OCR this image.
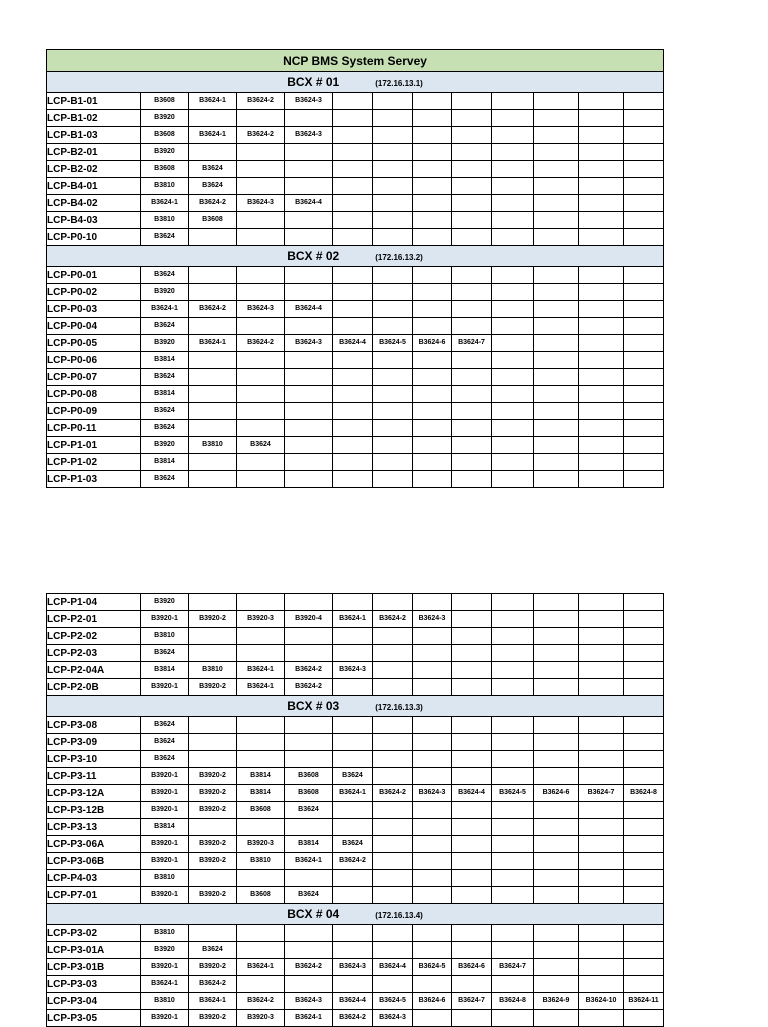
NCP BMS System Servey												
BCX # 01 (172.16.13.1)												
LCP-B1-01	B3608	B3624-1	B3624-2	B3624-3								
LCP-B1-02	B3920											
LCP-B1-03	B3608	B3624-1	B3624-2	B3624-3								
LCP-B2-01	B3920											
LCP-B2-02	B3608	B3624										
LCP-B4-01	B3810	B3624										
LCP-B4-02	B3624-1	B3624-2	B3624-3	B3624-4								
LCP-B4-03	B3810	B3608										
LCP-P0-10	B3624											
BCX # 02 (172.16.13.2)												
LCP-P0-01	B3624											
LCP-P0-02	B3920											
LCP-P0-03	B3624-1	B3624-2	B3624-3	B3624-4								
LCP-P0-04	B3624											
LCP-P0-05	B3920	B3624-1	B3624-2	B3624-3	B3624-4	B3624-5	B3624-6	B3624-7				
LCP-P0-06	B3814											
LCP-P0-07	B3624											
LCP-P0-08	B3814											
LCP-P0-09	B3624											
LCP-P0-11	B3624											
LCP-P1-01	B3920	B3810	B3624									
LCP-P1-02	B3814											
LCP-P1-03	B3624											
LCP-P1-04	B3920											
LCP-P2-01	B3920-1	B3920-2	B3920-3	B3920-4	B3624-1	B3624-2	B3624-3					
LCP-P2-02	B3810											
LCP-P2-03	B3624											
LCP-P2-04A	B3814	B3810	B3624-1	B3624-2	B3624-3							
LCP-P2-0B	B3920-1	B3920-2	B3624-1	B3624-2								
BCX # 03 (172.16.13.3)												
LCP-P3-08	B3624											
LCP-P3-09	B3624											
LCP-P3-10	B3624											
LCP-P3-11	B3920-1	B3920-2	B3814	B3608	B3624							
LCP-P3-12A	B3920-1	B3920-2	B3814	B3608	B3624-1	B3624-2	B3624-3	B3624-4	B3624-5	B3624-6	B3624-7	B3624-8
LCP-P3-12B	B3920-1	B3920-2	B3608	B3624								
LCP-P3-13	B3814											
LCP-P3-06A	B3920-1	B3920-2	B3920-3	B3814	B3624							
LCP-P3-06B	B3920-1	B3920-2	B3810	B3624-1	B3624-2							
LCP-P4-03	B3810											
LCP-P7-01	B3920-1	B3920-2	B3608	B3624								
BCX # 04 (172.16.13.4)												
LCP-P3-02	B3810											
LCP-P3-01A	B3920	B3624										
LCP-P3-01B	B3920-1	B3920-2	B3624-1	B3624-2	B3624-3	B3624-4	B3624-5	B3624-6	B3624-7			
LCP-P3-03	B3624-1	B3624-2										
LCP-P3-04	B3810	B3624-1	B3624-2	B3624-3	B3624-4	B3624-5	B3624-6	B3624-7	B3624-8	B3624-9	B3624-10	B3624-11
LCP-P3-05	B3920-1	B3920-2	B3920-3	B3624-1	B3624-2	B3624-3						
